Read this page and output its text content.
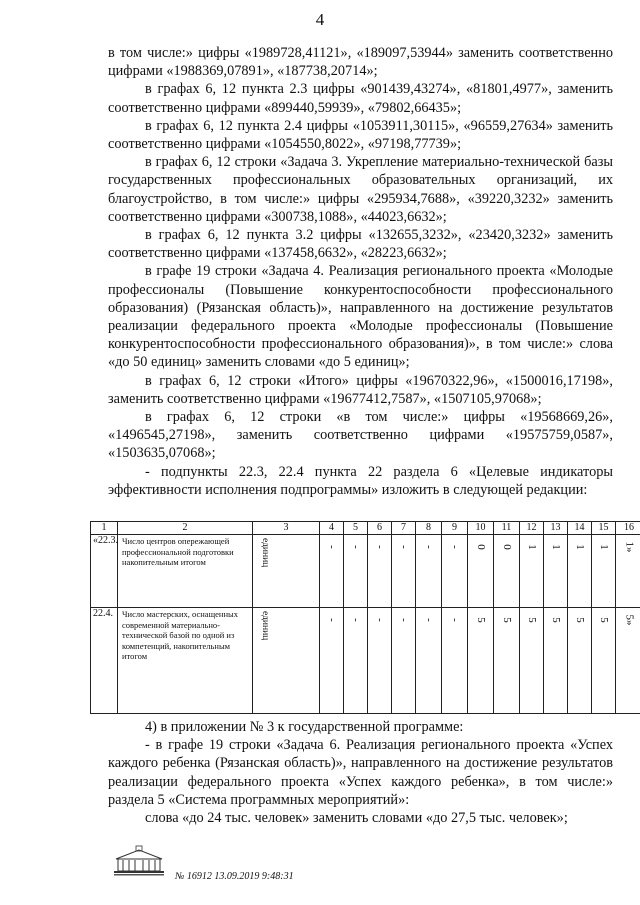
4

в том числе:» цифры «1989728,41121», «189097,53944» заменить соответственно цифрами «1988369,07891», «187738,20714»;

в графах 6, 12 пункта 2.3 цифры «901439,43274», «81801,4977», заменить соответственно цифрами «899440,59939», «79802,66435»;

в графах 6, 12 пункта 2.4 цифры «1053911,30115», «96559,27634» заменить соответственно цифрами «1054550,8022», «97198,77739»;

в графах 6, 12 строки «Задача 3. Укрепление материально-технической базы государственных профессиональных образовательных организаций, их благоустройство, в том числе:» цифры «295934,7688», «39220,3232» заменить соответственно цифрами «300738,1088», «44023,6632»;

в графах 6, 12 пункта 3.2 цифры «132655,3232», «23420,3232» заменить соответственно цифрами «137458,6632», «28223,6632»;

в графе 19 строки «Задача 4. Реализация регионального проекта «Молодые профессионалы (Повышение конкурентоспособности профессионального образования) (Рязанская область)», направленного на достижение результатов реализации федерального проекта «Молодые профессионалы (Повышение конкурентоспособности профессионального образования)», в том числе:» слова «до 50 единиц» заменить словами «до 5 единиц»;

в графах 6, 12 строки «Итого» цифры «19670322,96», «1500016,17198», заменить соответственно цифрами «19677412,7587», «1507105,97068»;

в графах 6, 12 строки «в том числе:» цифры «19568669,26», «1496545,27198», заменить соответственно цифрами «19575759,0587», «1503635,07068»;

- подпункты 22.3, 22.4 пункта 22 раздела 6 «Целевые индикаторы эффективности исполнения подпрограммы» изложить в следующей редакции:

1	2	3	4	5	6	7	8	9	10	11	12	13	14	15	16
«22.3.	Число центров опережающей профессиональной подготовки накопительным итогом	единиц	-	-	-	-	-	-	0	0	1	1	1	1	1»
22.4.	Число мастерских, оснащенных современной материально-технической базой по одной из компетенций, накопительным итогом	единиц	-	-	-	-	-	-	5	5	5	5	5	5	5»

4) в приложении № 3 к государственной программе:

- в графе 19 строки «Задача 6. Реализация регионального проекта «Успех каждого ребенка (Рязанская область)», направленного на достижение результатов реализации федерального проекта «Успех каждого ребенка», в том числе:» раздела 5 «Система программных мероприятий»:

слова «до 24 тыс. человек» заменить словами «до 27,5 тыс. человек»;

№ 16912 13.09.2019 9:48:31
